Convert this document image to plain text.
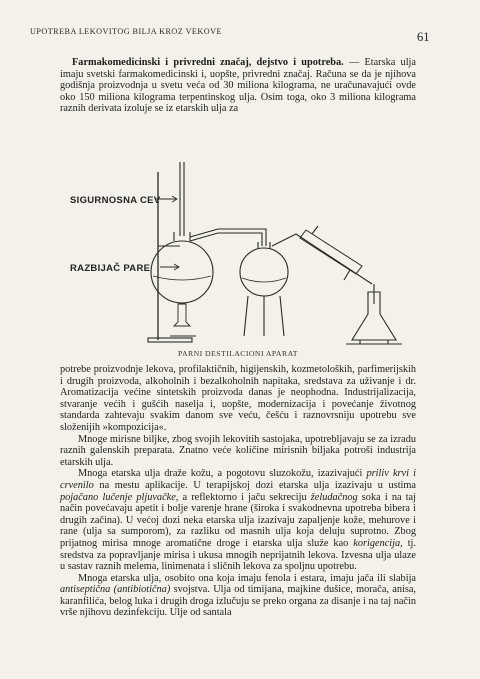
UPOTREBA LEKOVITOG BILJA KROZ VEKOVE	61

Farmakomedicinski i privredni značaj, dejstvo i upotreba. — Etarska ulja imaju svetski farmakomedicinski i, uopšte, privredni značaj. Računa se da je njihova godišnja proizvodnja u svetu veća od 30 miliona kilograma, ne uračunavajući ovde oko 150 miliona kilograma terpentinskog ulja. Osim toga, oko 3 miliona kilograma raznih derivata izoluje se iz etarskih ulja za

SIGURNOSNA CEV
RAZBIJAČ PARE
PARNI DESTILACIONI APARAT

potrebe proizvodnje lekova, profilaktičnih, higijenskih, kozmetoloških, parfimerijskih i drugih proizvoda, alkoholnih i bezalkoholnih napitaka, sredstava za uživanje i dr. Aromatizacija većine sintetskih proizvoda danas je neophodna. Industrijalizacija, stvaranje većih i gušćih naselja i, uopšte, modernizacija i povećanje životnog standarda zahtevaju svakim danom sve veću, češću i raznovrsniju upotrebu sve složenijih »kompozicija«.

Mnoge mirisne biljke, zbog svojih lekovitih sastojaka, upotrebljavaju se za izradu raznih galenskih preparata. Znatno veće količine mirisnih biljaka potroši industrija etarskih ulja.

Mnoga etarska ulja draže kožu, a pogotovu sluzokožu, izazivajući priliv krvi i crvenilo na mestu aplikacije. U terapijskoj dozi etarska ulja izazivaju u ustima pojačano lučenje pljuvačke, a reflektorno i jaču sekreciju želudačnog soka i na taj način povećavaju apetit i bolje varenje hrane (široka i svakodnevna upotreba bibera i drugih začina). U većoj dozi neka etarska ulja izazivaju zapaljenje kože, mehurove i rane (ulja sa sumporom), za razliku od masnih ulja koja deluju suprotno. Zbog prijatnog mirisa mnoge aromatične droge i etarska ulja služe kao korigencija, tj. sredstva za popravljanje mirisa i ukusa mnogih neprijatnih lekova. Izvesna ulja ulaze u sastav raznih melema, linimenata i sličnih lekova za spoljnu upotrebu.

Mnoga etarska ulja, osobito ona koja imaju fenola i estara, imaju jača ili slabija antiseptična (antibiotična) svojstva. Ulja od timijana, majkine dušice, morača, anisa, karanfilića, belog luka i drugih droga izlučuju se preko organa za disanje i na taj način vrše njihovu dezinfekciju. Ulje od santala
